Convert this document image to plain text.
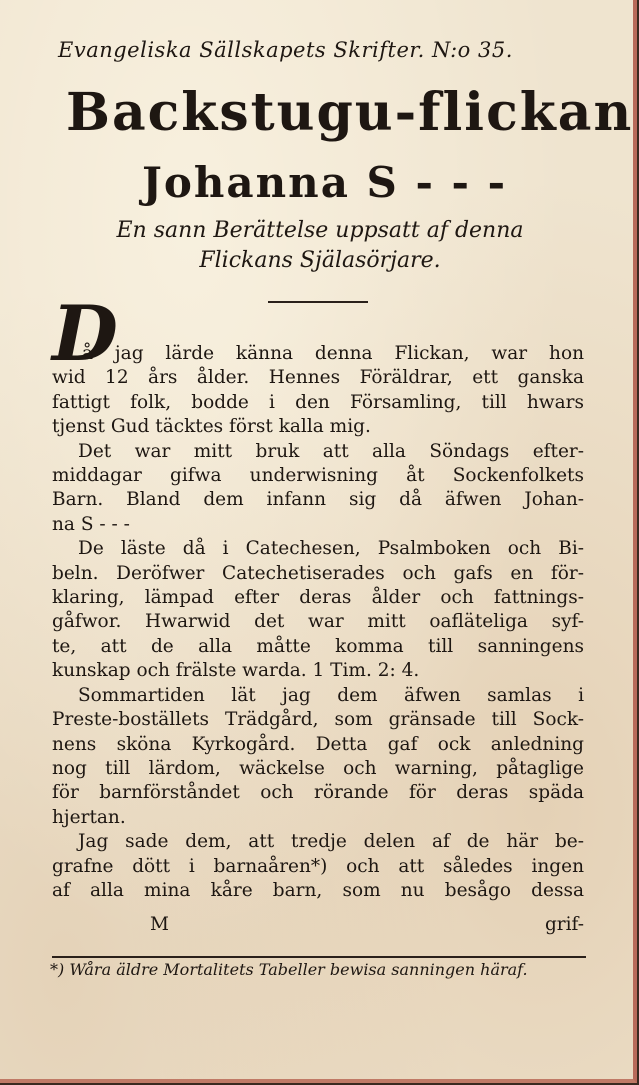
Evangeliska Sällskapets Skrifter. N:o 35.
Backstugu-flickan
Johanna S - - -
En sann Berättelse uppsatt af denna
Flickans Själasörjare.
D

å jag lärde känna denna Flickan, war hon
wid 12 års ålder. Hennes Föräldrar, ett ganska
fattigt folk, bodde i den Församling, till hwars
tjenst Gud täcktes först kalla mig.
Det war mitt bruk att alla Söndags efter-
middagar gifwa underwisning åt Sockenfolkets
Barn. Bland dem infann sig då äfwen Johan-
na S - - -
De läste då i Catechesen, Psalmboken och Bi-
beln. Deröfwer Catechetiserades och gafs en för-
klaring, lämpad efter deras ålder och fattnings-
gåfwor. Hwarwid det war mitt oafläteliga syf-
te, att de alla måtte komma till sanningens
kunskap och frälste warda. 1 Tim. 2: 4.
Sommartiden lät jag dem äfwen samlas i
Preste-boställets Trädgård, som gränsade till Sock-
nens sköna Kyrkogård. Detta gaf ock anledning
nog till lärdom, wäckelse och warning, påtaglige
för barnförståndet och rörande för deras späda
hjertan.
Jag sade dem, att tredje delen af de här be-
grafne dött i barnaåren*) och att således ingen
af alla mina kåre barn, som nu besågo dessa

M	grif-
*) Wåra äldre Mortalitets Tabeller bewisa sanningen häraf.
